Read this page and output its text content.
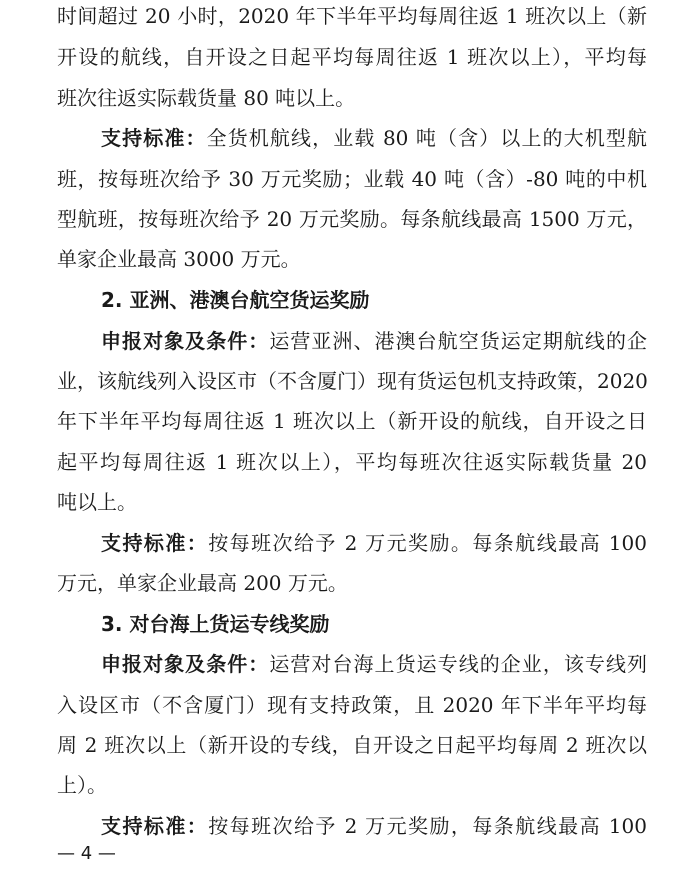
时间超过 20 小时，2020 年下半年平均每周往返 1 班次以上（新
开设的航线，自开设之日起平均每周往返 1 班次以上），平均每
班次往返实际载货量 80 吨以上。
支持标准：全货机航线，业载 80 吨（含）以上的大机型航
班，按每班次给予 30 万元奖励；业载 40 吨（含）-80 吨的中机
型航班，按每班次给予 20 万元奖励。每条航线最高 1500 万元，
单家企业最高 3000 万元。
2. 亚洲、港澳台航空货运奖励
申报对象及条件：运营亚洲、港澳台航空货运定期航线的企
业，该航线列入设区市（不含厦门）现有货运包机支持政策，2020
年下半年平均每周往返 1 班次以上（新开设的航线，自开设之日
起平均每周往返 1 班次以上），平均每班次往返实际载货量 20
吨以上。
支持标准：按每班次给予 2 万元奖励。每条航线最高 100
万元，单家企业最高 200 万元。
3. 对台海上货运专线奖励
申报对象及条件：运营对台海上货运专线的企业，该专线列
入设区市（不含厦门）现有支持政策，且 2020 年下半年平均每
周 2 班次以上（新开设的专线，自开设之日起平均每周 2 班次以
上）。
支持标准：按每班次给予 2 万元奖励，每条航线最高 100
— 4 —
